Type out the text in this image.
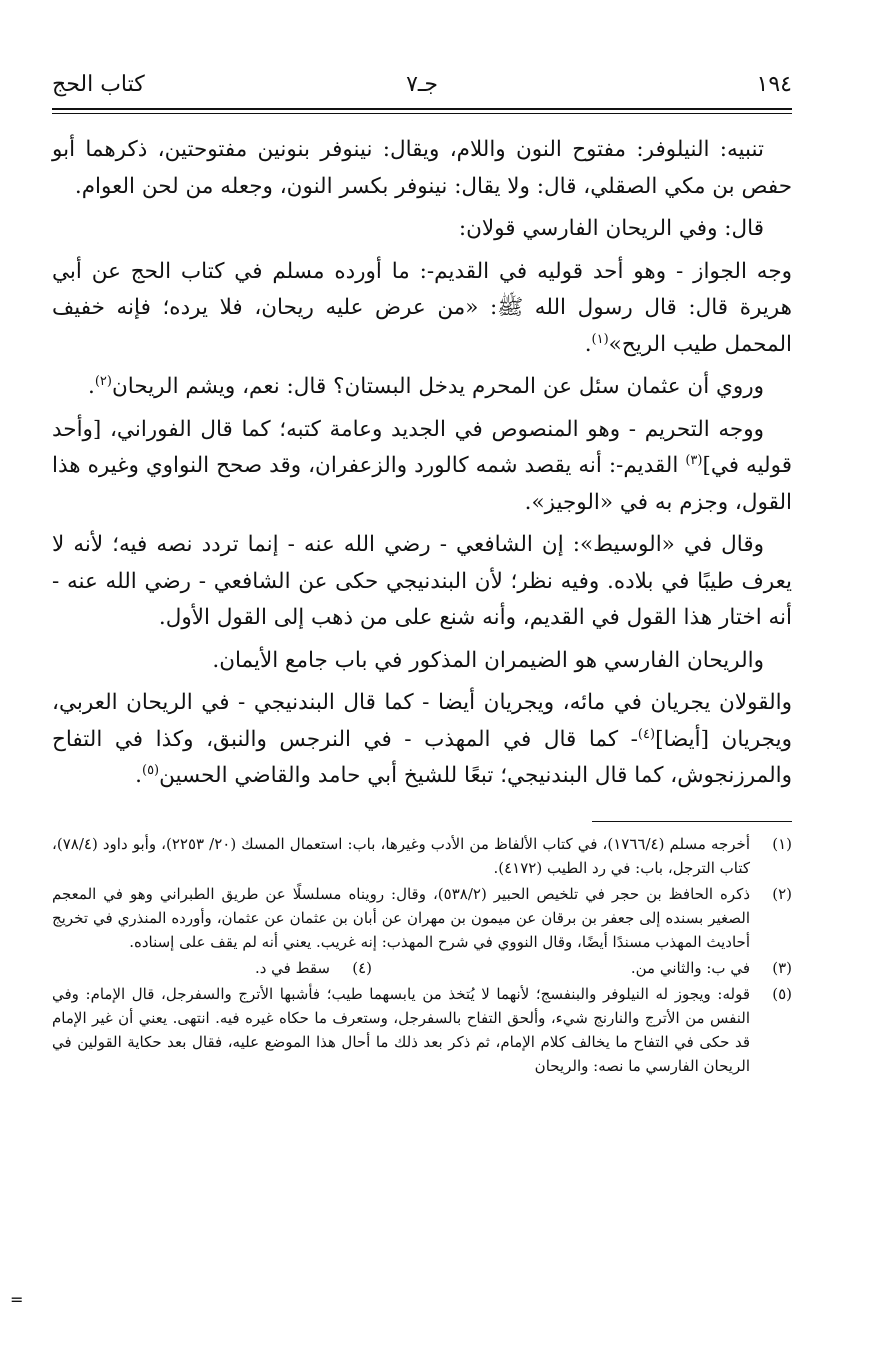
١٩٤
جـ٧
كتاب الحج

تنبيه: النيلوفر: مفتوح النون واللام، ويقال: نينوفر بنونين مفتوحتين، ذكرهما أبو حفص بن مكي الصقلي، قال: ولا يقال: نينوفر بكسر النون، وجعله من لحن العوام.

قال: وفي الريحان الفارسي قولان:

وجه الجواز - وهو أحد قوليه في القديم-: ما أورده مسلم في كتاب الحج عن أبي هريرة قال: قال رسول الله ﷺ: «من عرض عليه ريحان، فلا يرده؛ فإنه خفيف المحمل طيب الريح»$^{(١)}$.

وروي أن عثمان سئل عن المحرم يدخل البستان؟ قال: نعم، ويشم الريحان$^{(٢)}$.

ووجه التحريم - وهو المنصوص في الجديد وعامة كتبه؛ كما قال الفوراني، [وأحد قوليه في]$^{(٣)}$ القديم-: أنه يقصد شمه كالورد والزعفران، وقد صحح النواوي وغيره هذا القول، وجزم به في «الوجيز».

وقال في «الوسيط»: إن الشافعي - رضي الله عنه - إنما تردد نصه فيه؛ لأنه لا يعرف طيبًا في بلاده. وفيه نظر؛ لأن البندنيجي حكى عن الشافعي - رضي الله عنه - أنه اختار هذا القول في القديم، وأنه شنع على من ذهب إلى القول الأول.

والريحان الفارسي هو الضيمران المذكور في باب جامع الأيمان.

والقولان يجريان في مائه، ويجريان أيضا - كما قال البندنيجي - في الريحان العربي، ويجريان [أيضا]$^{(٤)}$- كما قال في المهذب - في النرجس والنبق، وكذا في التفاح والمرزنجوش، كما قال البندنيجي؛ تبعًا للشيخ أبي حامد والقاضي الحسين$^{(٥)}$.

(١)
أخرجه مسلم (١٧٦٦/٤)، في كتاب الألفاظ من الأدب وغيرها، باب: استعمال المسك (٢٠/ ٢٢٥٣)، وأبو داود (٧٨/٤)، كتاب الترجل، باب: في رد الطيب (٤١٧٢).
(٢)
ذكره الحافظ بن حجر في تلخيص الحبير (٥٣٨/٢)، وقال: رويناه مسلسلًا عن طريق الطبراني وهو في المعجم الصغير بسنده إلى جعفر بن برقان عن ميمون بن مهران عن أبان بن عثمان عن عثمان، وأورده المنذري في تخريج أحاديث المهذب مسندًا أيضًا، وقال النووي في شرح المهذب: إنه غريب. يعني أنه لم يقف على إسناده.
(٣)
في ب: والثاني من.
(٤)
سقط في د.
(٥)
قوله: ويجوز له النيلوفر والبنفسج؛ لأنهما لا يُتخذ من يابسهما طيب؛ فأشبها الأترج والسفرجل، قال الإمام: وفي النفس من الأترج والنارنج شيء، وألحق التفاح بالسفرجل، وستعرف ما حكاه غيره فيه. انتهى. يعني أن غير الإمام قد حكى في التفاح ما يخالف كلام الإمام، ثم ذكر بعد ذلك ما أحال هذا الموضع عليه، فقال بعد حكاية القولين في الريحان الفارسي ما نصه: والريحان
=
